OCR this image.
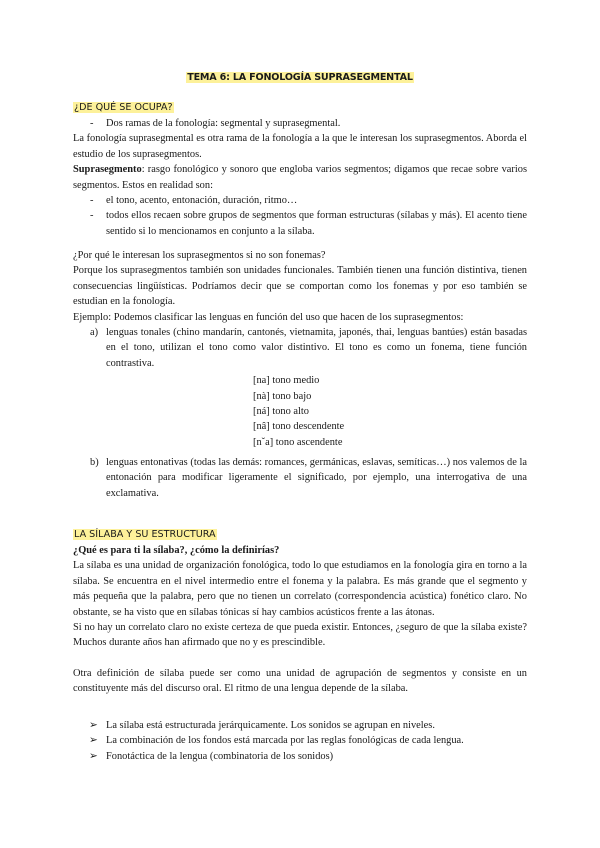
TEMA 6: LA FONOLOGÍA SUPRASEGMENTAL
¿DE QUÉ SE OCUPA?
- Dos ramas de la fonología: segmental y suprasegmental.

La fonología suprasegmental es otra rama de la fonología a la que le interesan los suprasegmentos. Aborda el estudio de los suprasegmentos.

Suprasegmento: rasgo fonológico y sonoro que engloba varios segmentos; digamos que recae sobre varios segmentos. Estos en realidad son:

- el tono, acento, entonación, duración, ritmo…
- todos ellos recaen sobre grupos de segmentos que forman estructuras (sílabas y más). El acento tiene sentido si lo mencionamos en conjunto a la sílaba.

¿Por qué le interesan los suprasegmentos si no son fonemas?

Porque los suprasegmentos también son unidades funcionales. También tienen una función distintiva, tienen consecuencias lingüísticas. Podríamos decir que se comportan como los fonemas y por eso también se estudian en la fonología.

Ejemplo: Podemos clasificar las lenguas en función del uso que hacen de los suprasegmentos:

a) lenguas tonales (chino mandarín, cantonés, vietnamita, japonés, thai, lenguas bantúes) están basadas en el tono, utilizan el tono como valor distintivo. El tono es como un fonema, tiene función contrastiva.
[na] tono medio
[nà] tono bajo
[ná] tono alto
[nâ] tono descendente
[nˇa] tono ascendente
b) lenguas entonativas (todas las demás: romances, germánicas, eslavas, semíticas…) nos valemos de la entonación para modificar ligeramente el significado, por ejemplo, una interrogativa de una exclamativa.
LA SÍLABA Y SU ESTRUCTURA

¿Qué es para ti la sílaba?, ¿cómo la definirías?

La sílaba es una unidad de organización fonológica, todo lo que estudiamos en la fonología gira en torno a la sílaba. Se encuentra en el nivel intermedio entre el fonema y la palabra. Es más grande que el segmento y más pequeña que la palabra, pero que no tienen un correlato (correspondencia acústica) fonético claro. No obstante, se ha visto que en sílabas tónicas sí hay cambios acústicos frente a las átonas.

Si no hay un correlato claro no existe certeza de que pueda existir. Entonces, ¿seguro de que la sílaba existe? Muchos durante años han afirmado que no y es prescindible.

Otra definición de sílaba puede ser como una unidad de agrupación de segmentos y consiste en un constituyente más del discurso oral. El ritmo de una lengua depende de la sílaba.

➢ La sílaba está estructurada jerárquicamente. Los sonidos se agrupan en niveles.
➢ La combinación de los fondos está marcada por las reglas fonológicas de cada lengua.
➢ Fonotáctica de la lengua (combinatoria de los sonidos)
